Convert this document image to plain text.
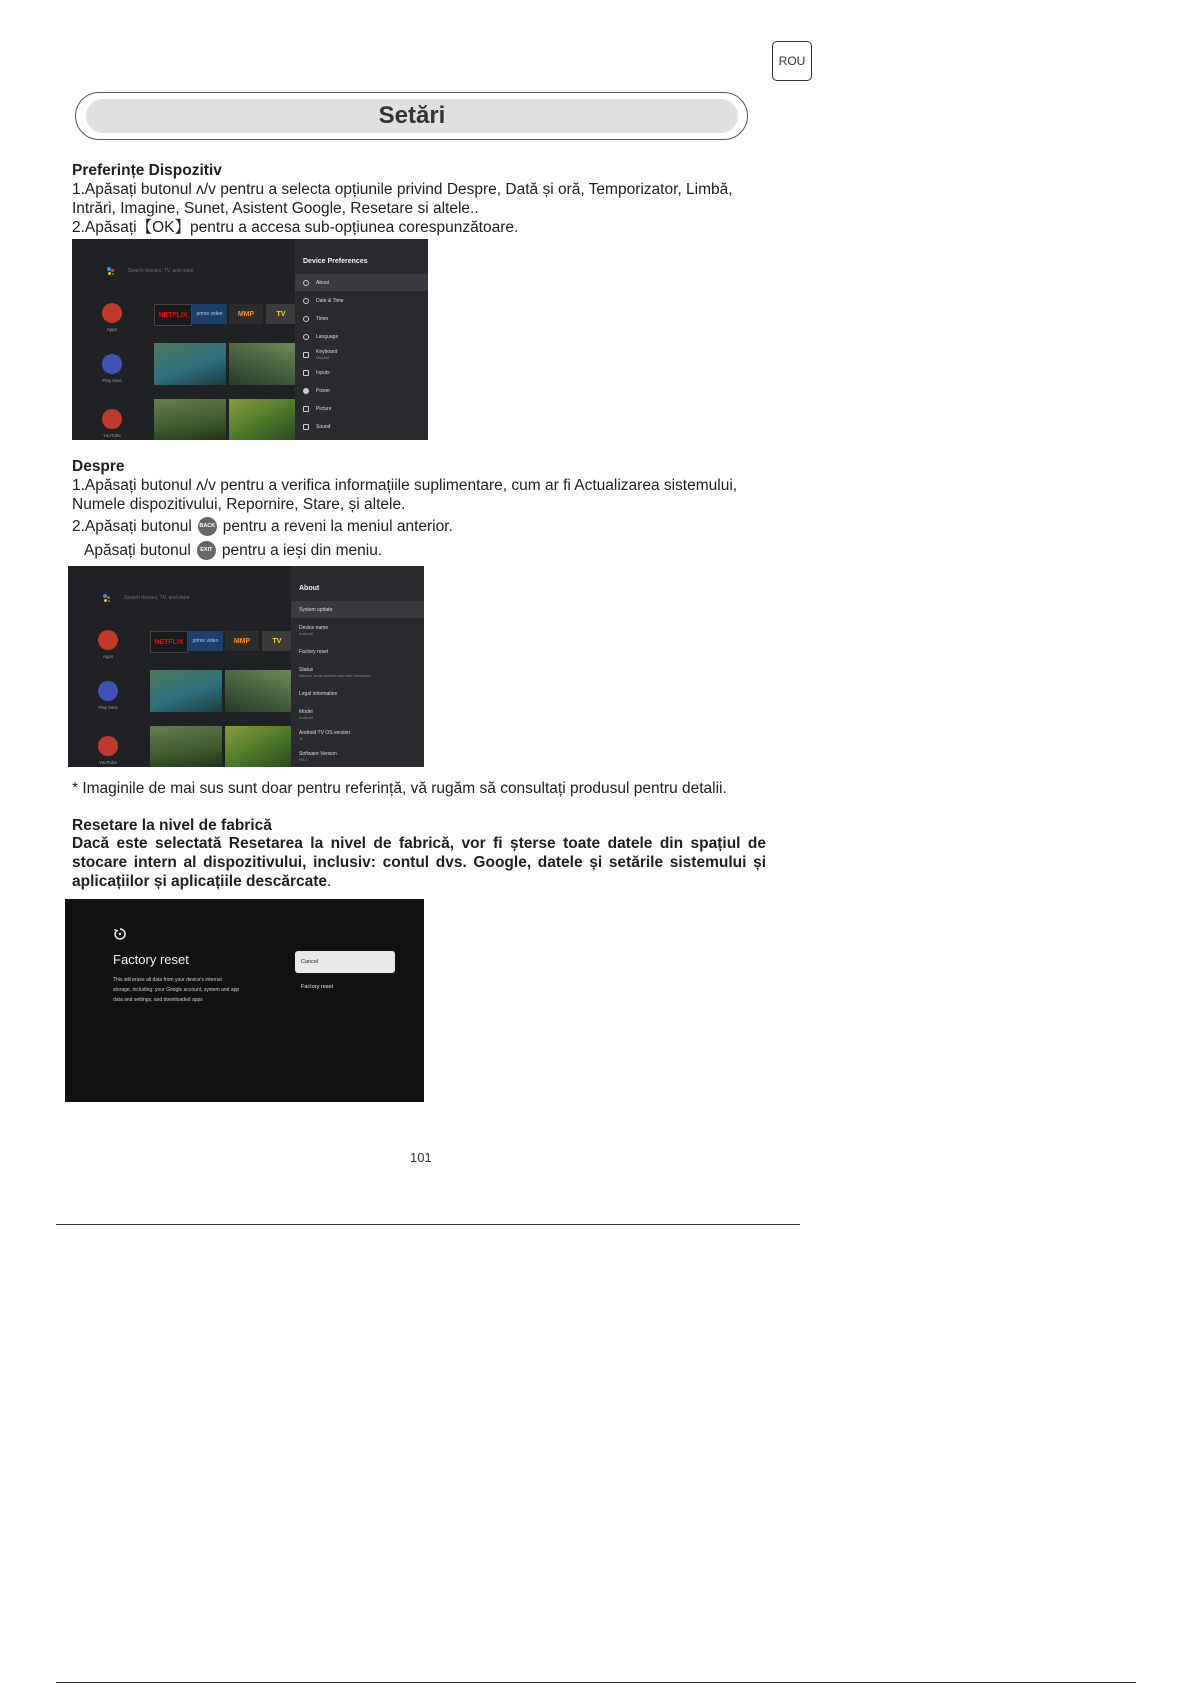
ROU
Setări
Preferințe Dispozitiv
1.Apăsați butonul ʌ/v pentru a selecta opțiunile privind Despre, Dată și oră, Temporizator, Limbă,
Intrări, Imagine, Sunet, Asistent Google, Resetare si altele..
2.Apăsați【OK】pentru a accesa sub-opțiunea corespunzătoare.
Search movies, TV, and more
Apps
Play Next
YouTube
NETFLIX	prime video	MMP	TV
Device Preferences
About
Date & Time
Timer
Language
Keyboard
Gboard
Inputs
Power
Picture
Sound
Despre
1.Apăsați butonul ʌ/v pentru a verifica informațiile suplimentare, cum ar fi Actualizarea sistemului,
Numele dispozitivului, Repornire, Stare, și altele.
2.Apăsați butonul BACK pentru a reveni la meniul anterior.
Apăsați butonul EXIT pentru a ieși din meniu.
Search movies, TV, and more
Apps
Play Next
YouTube
NETFLIX	prime video	MMP	TV
About
System update
Device name
Android
Factory reset
Status
Network, serial numbers and other information
Legal information
Model
Android
Android TV OS version
11
Software Version
V0.1
* Imaginile de mai sus sunt doar pentru referință, vă rugăm să consultați produsul pentru detalii.
Resetare la nivel de fabrică
Dacă este selectată Resetarea la nivel de fabrică, vor fi șterse toate datele din spațiul de stocare intern al dispozitivului, inclusiv: contul dvs. Google, datele și setările sistemului și aplicațiilor și aplicațiile descărcate.
Factory reset
This will erase all data from your device's internal
storage, including: your Google account, system and app
data and settings, and downloaded apps
Cancel
Factory reset
101
